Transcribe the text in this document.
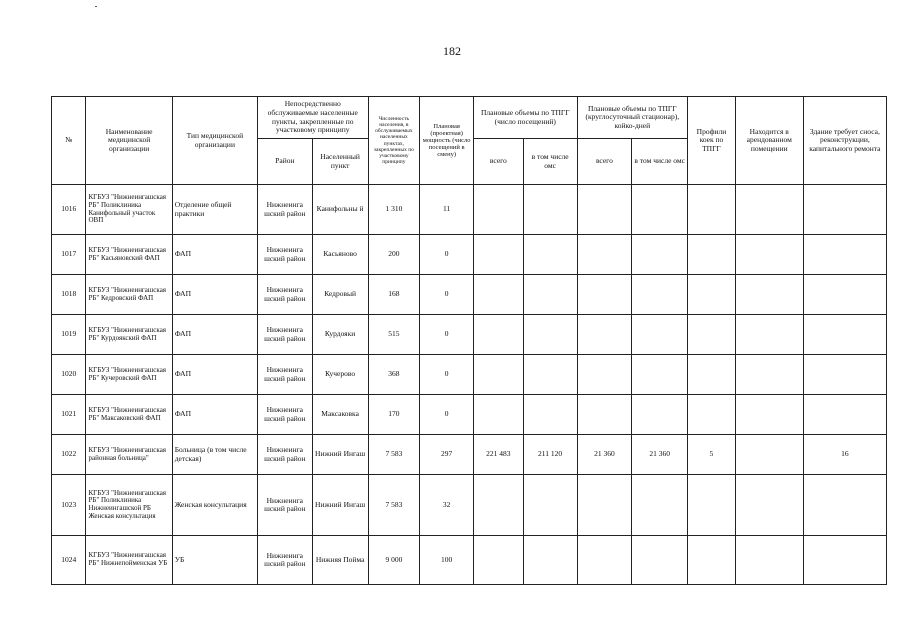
182
№	Наименование медицинской организации	Тип медицинской организации	Непосредственно обслуживаемые населенные пункты, закрепленные по участковому принципу		Численность населения, в обслуживаемых населенных пунктах, закрепленных по участковому принципу	Плановая (проектная) мощность (число посещений в смену)	Плановые объемы по ТПГГ (число посещений)		Плановые объемы по ТПГГ (круглосуточный стационар), койко-дней		Профили коек по ТПГГ	Находится в арендованном помещении	Здание требует сноса, реконструкции, капитального ремонта
			Район	Населенный пункт			всего	в том числе омс	всего	в том числе омс			
1016	КГБУЗ "Нижнеингашская РБ" Поликлиника Канифольный участок ОВП	Отделение общей практики	Нижнеинга шский район	Канифольны й	1 310	11							
1017	КГБУЗ "Нижнеингашская РБ" Касьяновский ФАП	ФАП	Нижнеинга шский район	Касьяново	200	0							
1018	КГБУЗ "Нижнеингашская РБ" Кедровский ФАП	ФАП	Нижнеинга шский район	Кедровый	168	0							
1019	КГБУЗ "Нижнеингашская РБ" Курдоякский ФАП	ФАП	Нижнеинга шский район	Курдояки	515	0							
1020	КГБУЗ "Нижнеингашская РБ" Кучеровский ФАП	ФАП	Нижнеинга шский район	Кучерово	368	0							
1021	КГБУЗ "Нижнеингашская РБ" Максаковский ФАП	ФАП	Нижнеинга шский район	Максаковка	170	0							
1022	КГБУЗ "Нижнеингашская районная больница"	Больница (в том числе детская)	Нижнеинга шский район	Нижний Ингаш	7 583	297	221 483	211 120	21 360	21 360	5		16
1023	КГБУЗ "Нижнеингашская РБ" Поликлиника Нижнеингашской РБ Женская консультация	Женская консультация	Нижнеинга шский район	Нижний Ингаш	7 583	32							
1024	КГБУЗ "Нижнеингашская РБ" Нижнепойменская УБ	УБ	Нижнеинга шский район	Нижняя Пойма	9 000	100							
